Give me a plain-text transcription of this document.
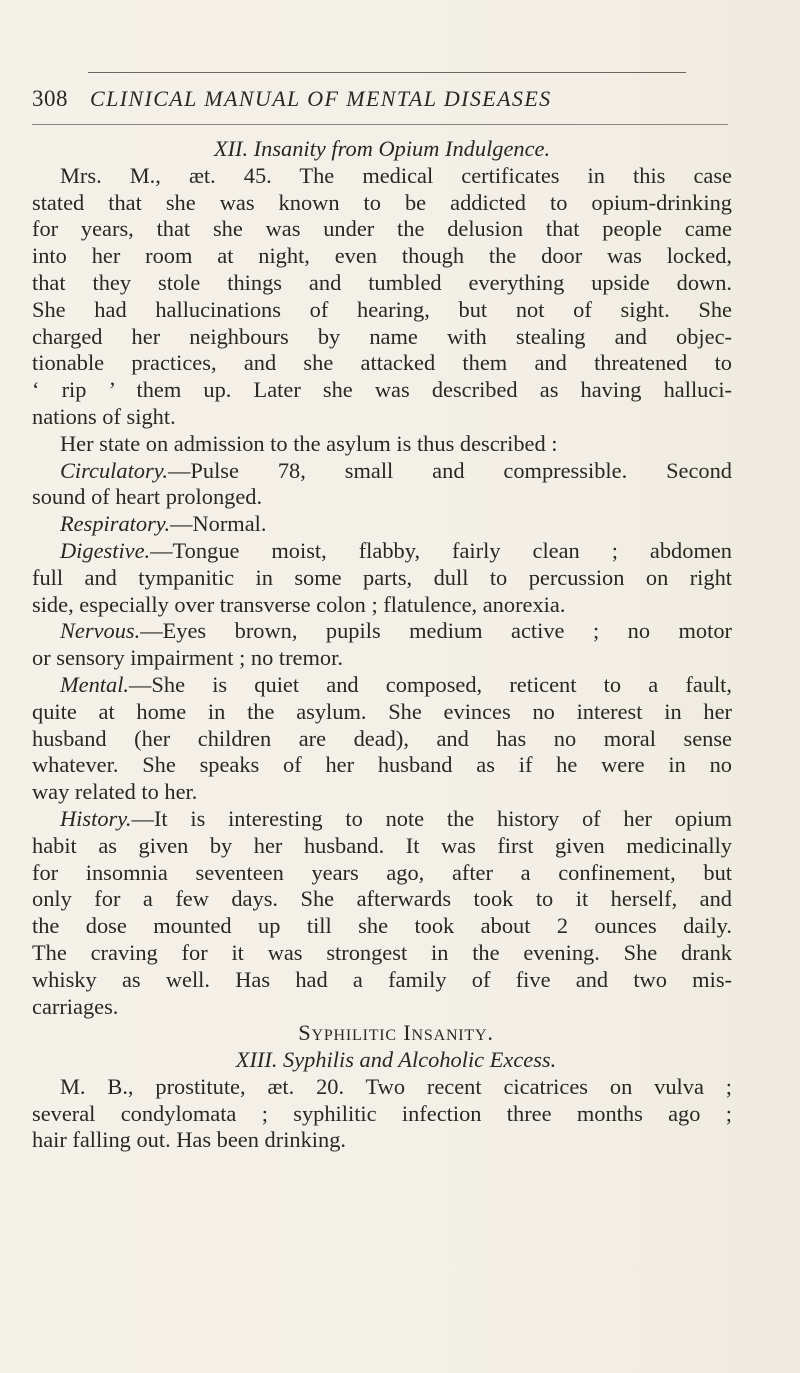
308 CLINICAL MANUAL OF MENTAL DISEASES
XII. Insanity from Opium Indulgence.
Mrs. M., æt. 45. The medical certificates in this case
stated that she was known to be addicted to opium-drinking
for years, that she was under the delusion that people came
into her room at night, even though the door was locked,
that they stole things and tumbled everything upside down.
She had hallucinations of hearing, but not of sight. She
charged her neighbours by name with stealing and objec-
tionable practices, and she attacked them and threatened to
‘ rip ’ them up. Later she was described as having halluci-
nations of sight.
Her state on admission to the asylum is thus described :
Circulatory.—Pulse 78, small and compressible. Second
sound of heart prolonged.
Respiratory.—Normal.
Digestive.—Tongue moist, flabby, fairly clean ; abdomen
full and tympanitic in some parts, dull to percussion on right
side, especially over transverse colon ; flatulence, anorexia.
Nervous.—Eyes brown, pupils medium active ; no motor
or sensory impairment ; no tremor.
Mental.—She is quiet and composed, reticent to a fault,
quite at home in the asylum. She evinces no interest in her
husband (her children are dead), and has no moral sense
whatever. She speaks of her husband as if he were in no
way related to her.
History.—It is interesting to note the history of her opium
habit as given by her husband. It was first given medicinally
for insomnia seventeen years ago, after a confinement, but
only for a few days. She afterwards took to it herself, and
the dose mounted up till she took about 2 ounces daily.
The craving for it was strongest in the evening. She drank
whisky as well. Has had a family of five and two mis-
carriages.
Syphilitic Insanity.
XIII. Syphilis and Alcoholic Excess.
M. B., prostitute, æt. 20. Two recent cicatrices on vulva ;
several condylomata ; syphilitic infection three months ago ;
hair falling out. Has been drinking.
